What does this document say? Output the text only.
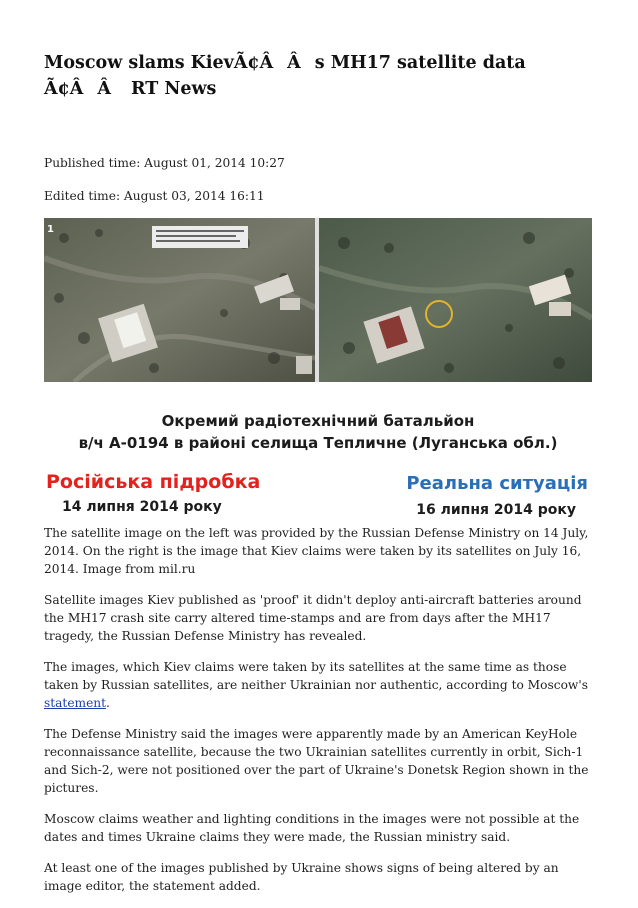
Moscow slams KievÃ¢ÂÂs MH17 satellite data Ã¢ÂÂ RT News
Published time: August 01, 2014 10:27
Edited time: August 03, 2014 16:11
1
Окремий радіотехнічний батальйон
в/ч А-0194 в районі селища Тепличне (Луганська обл.)
Російська підробка	Реальна ситуація
14 липня 2014 року	16 липня 2014 року

The satellite image on the left was provided by the Russian Defense Ministry on 14 July, 2014. On the right is the image that Kiev claims were taken by its satellites on July 16, 2014. Image from mil.ru

Satellite images Kiev published as 'proof' it didn't deploy anti-aircraft batteries around the MH17 crash site carry altered time-stamps and are from days after the MH17 tragedy, the Russian Defense Ministry has revealed.

The images, which Kiev claims were taken by its satellites at the same time as those taken by Russian satellites, are neither Ukrainian nor authentic, according to Moscow's statement.

The Defense Ministry said the images were apparently made by an American KeyHole reconnaissance satellite, because the two Ukrainian satellites currently in orbit, Sich-1 and Sich-2, were not positioned over the part of Ukraine's Donetsk Region shown in the pictures.

Moscow claims weather and lighting conditions in the images were not possible at the dates and times Ukraine claims they were made, the Russian ministry said.

At least one of the images published by Ukraine shows signs of being altered by an image editor, the statement added.
